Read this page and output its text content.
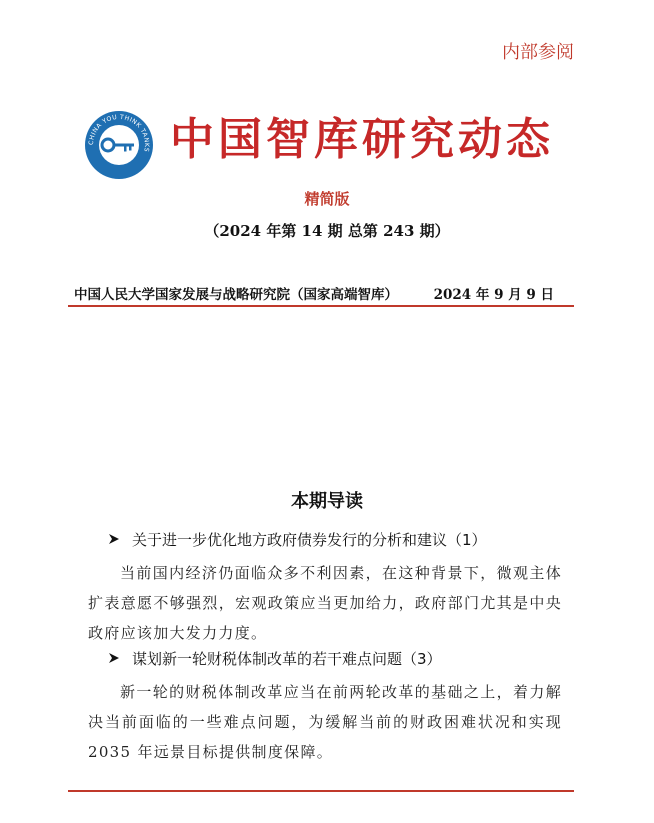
内部参阅
CHINA YOU THINK TANKS 中国智库研究动态
精简版
（2024 年第 14 期 总第 243 期）
中国人民大学国家发展与战略研究院（国家高端智库）	2024 年 9 月 9 日
本期导读
关于进一步优化地方政府债券发行的分析和建议（1）
当前国内经济仍面临众多不利因素，在这种背景下，微观主体扩表意愿不够强烈，宏观政策应当更加给力，政府部门尤其是中央政府应该加大发力力度。
谋划新一轮财税体制改革的若干难点问题（3）
新一轮的财税体制改革应当在前两轮改革的基础之上，着力解决当前面临的一些难点问题，为缓解当前的财政困难状况和实现 2035 年远景目标提供制度保障。
